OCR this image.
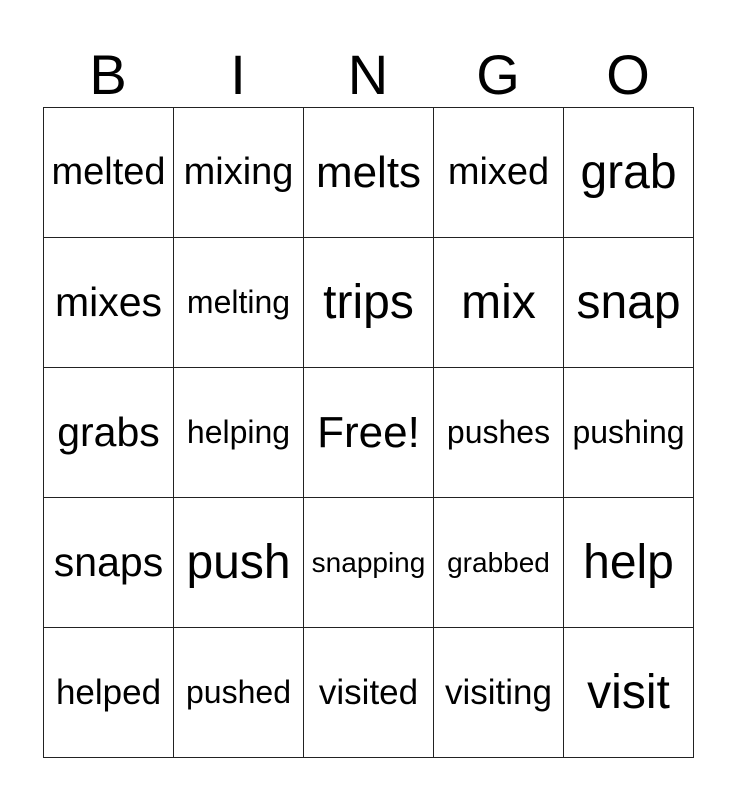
B	I	N	G	O
melted mixing melts mixed grab
mixes melting trips mix snap
grabs helping Free! pushes pushing
snaps push snapping grabbed help
helped pushed visited visiting visit
